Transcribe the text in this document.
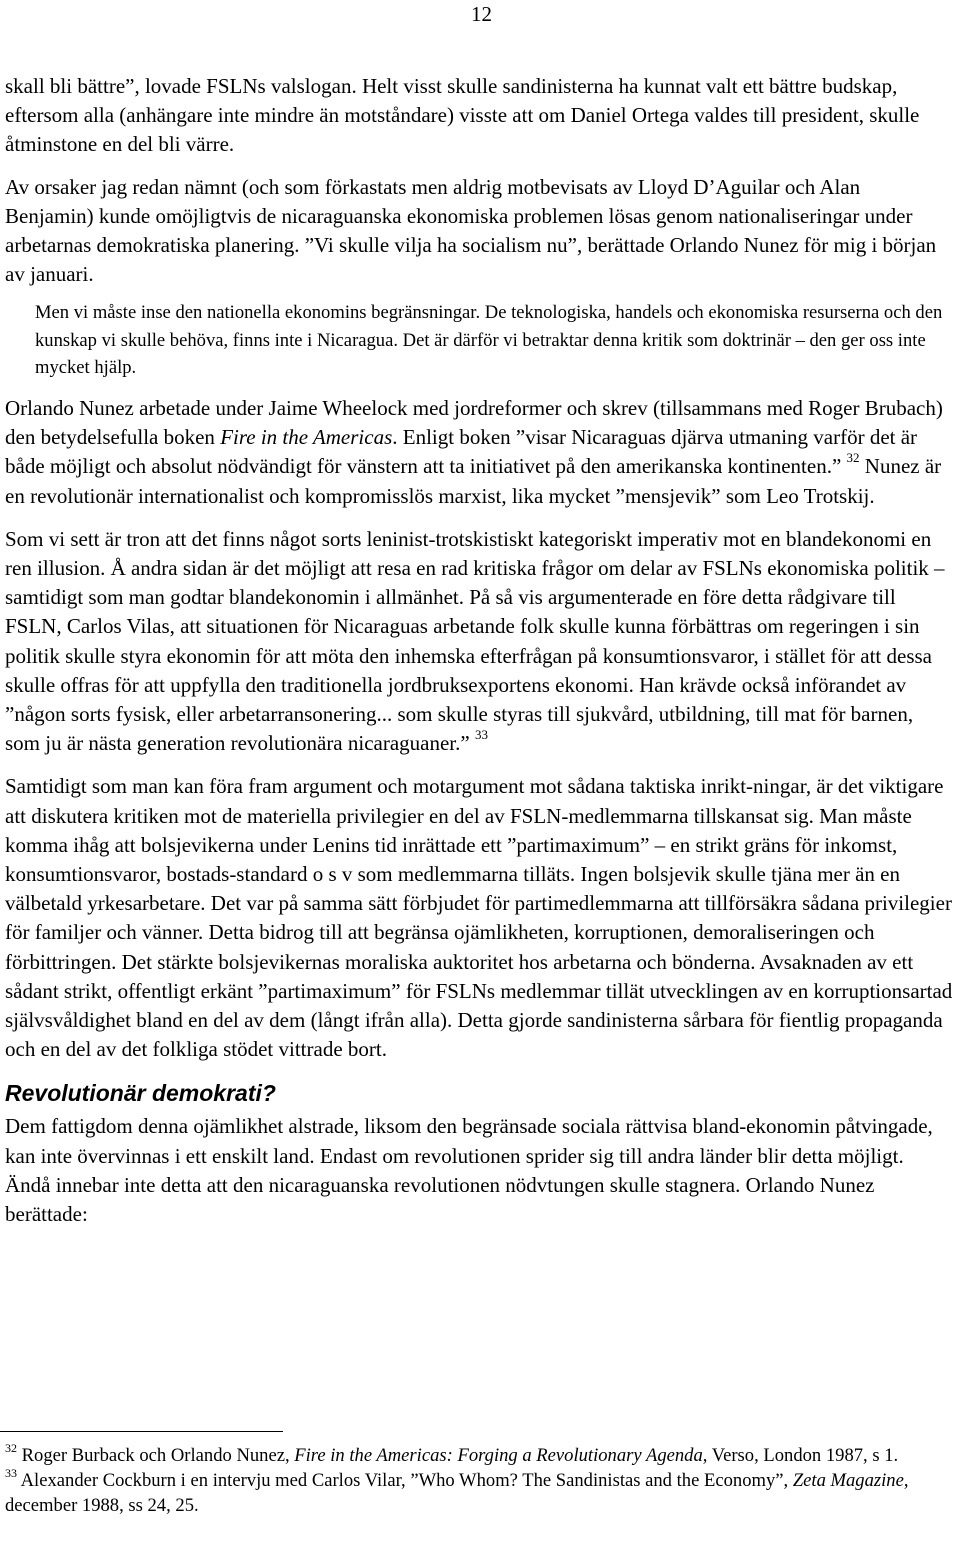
12

skall bli bättre”, lovade FSLNs valslogan. Helt visst skulle sandinisterna ha kunnat valt ett bättre budskap, eftersom alla (anhängare inte mindre än motståndare) visste att om Daniel Ortega valdes till president, skulle åtminstone en del bli värre.

Av orsaker jag redan nämnt (och som förkastats men aldrig motbevisats av Lloyd D’Aguilar och Alan Benjamin) kunde omöjligtvis de nicaraguanska ekonomiska problemen lösas genom nationaliseringar under arbetarnas demokratiska planering. ”Vi skulle vilja ha socialism nu”, berättade Orlando Nunez för mig i början av januari.

Men vi måste inse den nationella ekonomins begränsningar. De teknologiska, handels och ekonomiska resurserna och den kunskap vi skulle behöva, finns inte i Nicaragua. Det är därför vi betraktar denna kritik som doktrinär – den ger oss inte mycket hjälp.

Orlando Nunez arbetade under Jaime Wheelock med jordreformer och skrev (tillsammans med Roger Brubach) den betydelsefulla boken Fire in the Americas. Enligt boken ”visar Nicaraguas djärva utmaning varför det är både möjligt och absolut nödvändigt för vänstern att ta initiativet på den amerikanska kontinenten.” $^{32}$ Nunez är en revolutionär internationalist och kompromisslös marxist, lika mycket ”mensjevik” som Leo Trotskij.

Som vi sett är tron att det finns något sorts leninist-trotskistiskt kategoriskt imperativ mot en blandekonomi en ren illusion. Å andra sidan är det möjligt att resa en rad kritiska frågor om delar av FSLNs ekonomiska politik – samtidigt som man godtar blandekonomin i allmänhet. På så vis argumenterade en före detta rådgivare till FSLN, Carlos Vilas, att situationen för Nicaraguas arbetande folk skulle kunna förbättras om regeringen i sin politik skulle styra ekonomin för att möta den inhemska efterfrågan på konsumtionsvaror, i stället för att dessa skulle offras för att uppfylla den traditionella jordbruksexportens ekonomi. Han krävde också införandet av ”någon sorts fysisk, eller arbetarransonering... som skulle styras till sjukvård, utbildning, till mat för barnen, som ju är nästa generation revolutionära nicaraguaner.” $^{33}$

Samtidigt som man kan föra fram argument och motargument mot sådana taktiska inrikt-ningar, är det viktigare att diskutera kritiken mot de materiella privilegier en del av FSLN-medlemmarna tillskansat sig. Man måste komma ihåg att bolsjevikerna under Lenins tid inrättade ett ”partimaximum” – en strikt gräns för inkomst, konsumtionsvaror, bostads-standard o s v som medlemmarna tilläts. Ingen bolsjevik skulle tjäna mer än en välbetald yrkesarbetare. Det var på samma sätt förbjudet för partimedlemmarna att tillförsäkra sådana privilegier för familjer och vänner. Detta bidrog till att begränsa ojämlikheten, korruptionen, demoraliseringen och förbittringen. Det stärkte bolsjevikernas moraliska auktoritet hos arbetarna och bönderna. Avsaknaden av ett sådant strikt, offentligt erkänt ”partimaximum” för FSLNs medlemmar tillät utvecklingen av en korruptionsartad självsvåldighet bland en del av dem (långt ifrån alla). Detta gjorde sandinisterna sårbara för fientlig propaganda och en del av det folkliga stödet vittrade bort.

Revolutionär demokrati?

Dem fattigdom denna ojämlikhet alstrade, liksom den begränsade sociala rättvisa bland-ekonomin påtvingade, kan inte övervinnas i ett enskilt land. Endast om revolutionen sprider sig till andra länder blir detta möjligt. Ändå innebar inte detta att den nicaraguanska revolutionen nödvtungen skulle stagnera. Orlando Nunez berättade:

$^{32}$ Roger Burback och Orlando Nunez, Fire in the Americas: Forging a Revolutionary Agenda, Verso, London 1987, s 1.

$^{33}$ Alexander Cockburn i en intervju med Carlos Vilar, ”Who Whom? The Sandinistas and the Economy”, Zeta Magazine, december 1988, ss 24, 25.
